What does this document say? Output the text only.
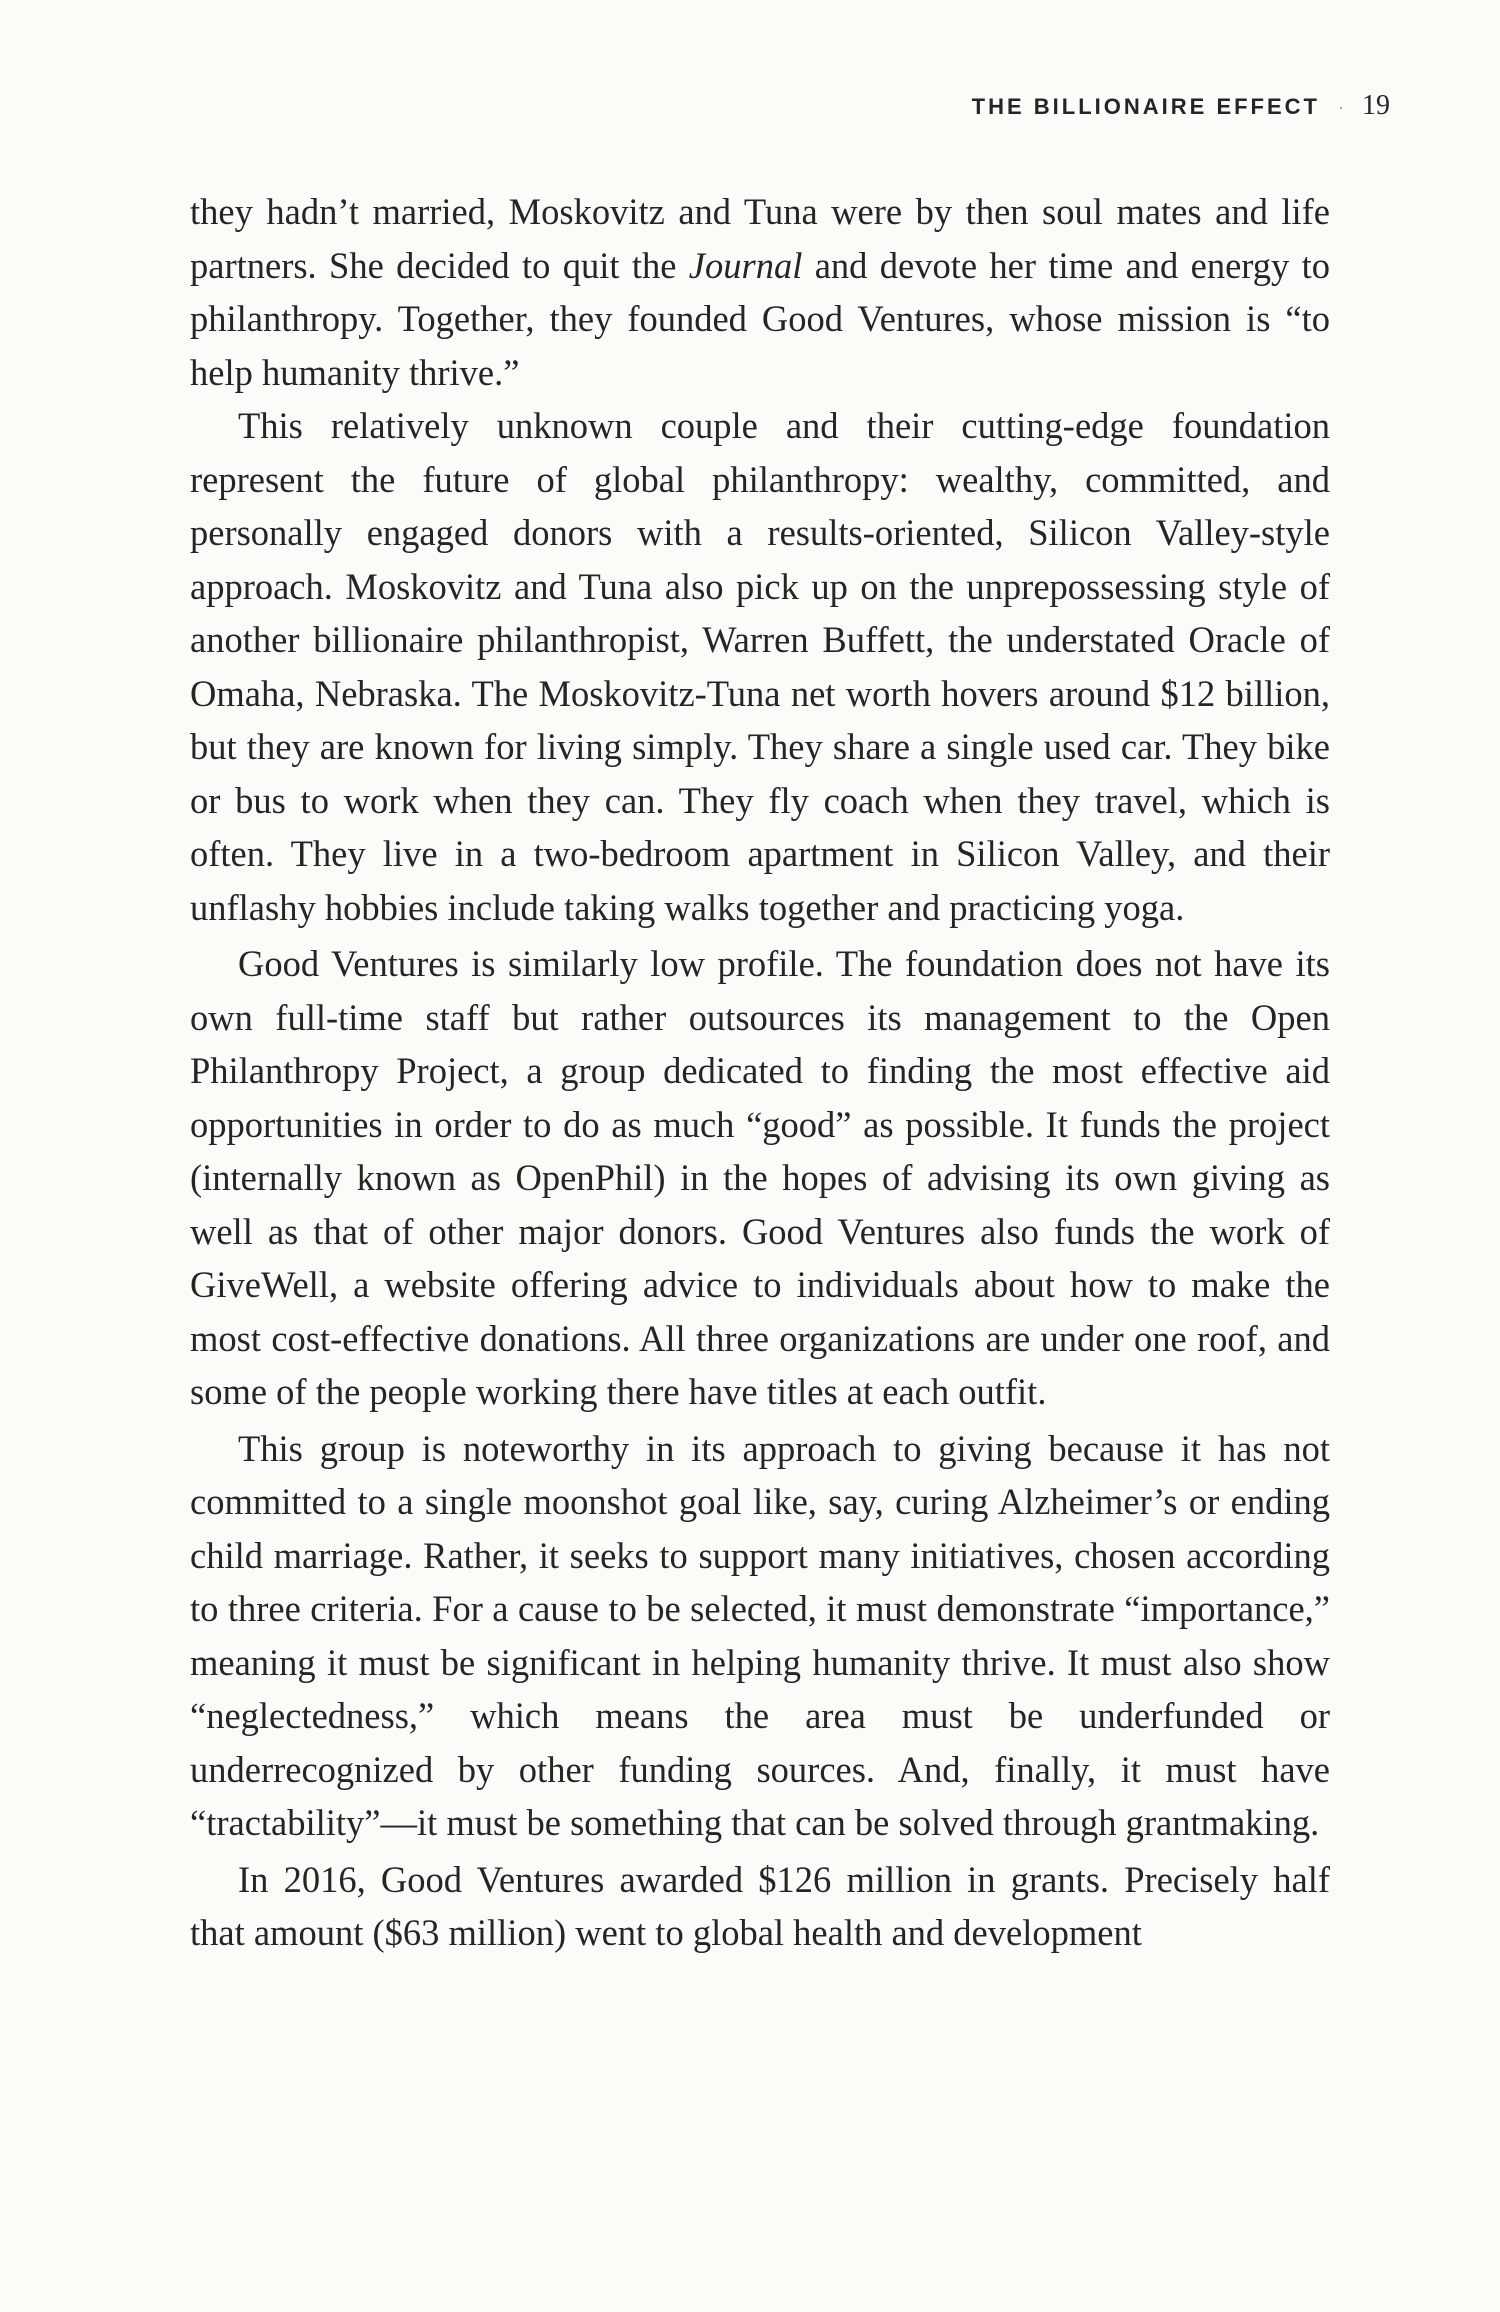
THE BILLIONAIRE EFFECT · 19

they hadn’t married, Moskovitz and Tuna were by then soul mates and life partners. She decided to quit the Journal and devote her time and energy to philanthropy. Together, they founded Good Ventures, whose mission is “to help humanity thrive.”

This relatively unknown couple and their cutting-edge foundation represent the future of global philanthropy: wealthy, committed, and personally engaged donors with a results-oriented, Silicon Valley-style approach. Moskovitz and Tuna also pick up on the unprepossessing style of another billionaire philanthropist, Warren Buffett, the understated Oracle of Omaha, Nebraska. The Moskovitz-Tuna net worth hovers around $12 billion, but they are known for living simply. They share a single used car. They bike or bus to work when they can. They fly coach when they travel, which is often. They live in a two-bedroom apartment in Silicon Valley, and their unflashy hobbies include taking walks together and practicing yoga.

Good Ventures is similarly low profile. The foundation does not have its own full-time staff but rather outsources its management to the Open Philanthropy Project, a group dedicated to finding the most effective aid opportunities in order to do as much “good” as possible. It funds the project (internally known as OpenPhil) in the hopes of advising its own giving as well as that of other major donors. Good Ventures also funds the work of GiveWell, a website offering advice to individuals about how to make the most cost-effective donations. All three organizations are under one roof, and some of the people working there have titles at each outfit.

This group is noteworthy in its approach to giving because it has not committed to a single moonshot goal like, say, curing Alzheimer’s or ending child marriage. Rather, it seeks to support many initiatives, chosen according to three criteria. For a cause to be selected, it must demonstrate “importance,” meaning it must be significant in helping humanity thrive. It must also show “neglectedness,” which means the area must be underfunded or underrecognized by other funding sources. And, finally, it must have “tractability”—it must be something that can be solved through grantmaking.

In 2016, Good Ventures awarded $126 million in grants. Precisely half that amount ($63 million) went to global health and development
